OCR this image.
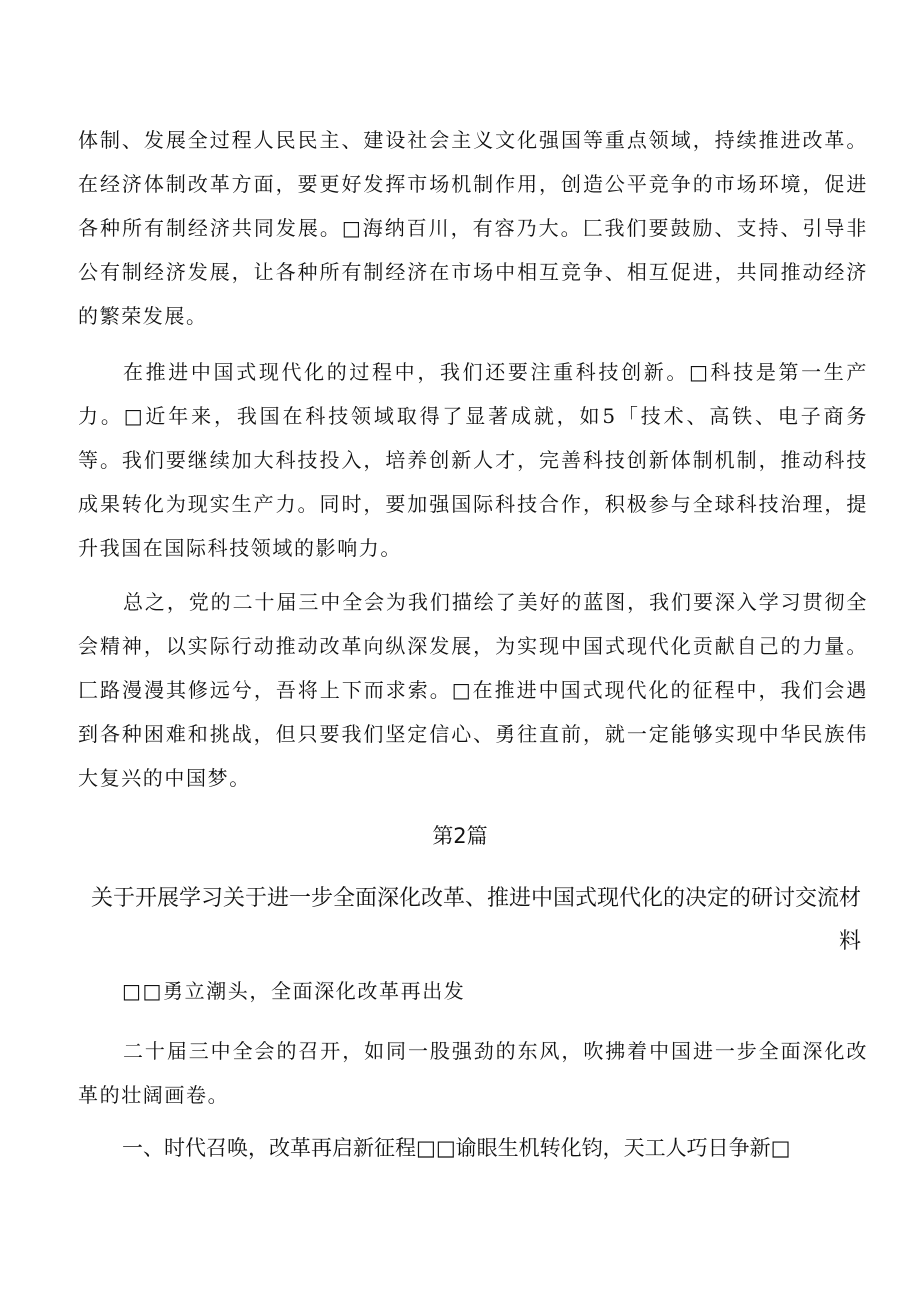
体制、发展全过程人民民主、建设社会主义文化强国等重点领域，持续推进改革。在经济体制改革方面，要更好发挥市场机制作用，创造公平竞争的市场环境，促进各种所有制经济共同发展。□海纳百川，有容乃大。匚我们要鼓励、支持、引导非公有制经济发展，让各种所有制经济在市场中相互竞争、相互促进，共同推动经济的繁荣发展。

在推进中国式现代化的过程中，我们还要注重科技创新。□科技是第一生产力。□近年来，我国在科技领域取得了显著成就，如5「技术、高铁、电子商务等。我们要继续加大科技投入，培养创新人才，完善科技创新体制机制，推动科技成果转化为现实生产力。同时，要加强国际科技合作，积极参与全球科技治理，提升我国在国际科技领域的影响力。

总之，党的二十届三中全会为我们描绘了美好的蓝图，我们要深入学习贯彻全会精神，以实际行动推动改革向纵深发展，为实现中国式现代化贡献自己的力量。匚路漫漫其修远兮，吾将上下而求索。□在推进中国式现代化的征程中，我们会遇到各种困难和挑战，但只要我们坚定信心、勇往直前，就一定能够实现中华民族伟大复兴的中国梦。

第2篇
关于开展学习关于进一步全面深化改革、推进中国式现代化的决定的研讨交流材料

□□勇立潮头，全面深化改革再出发

二十届三中全会的召开，如同一股强劲的东风，吹拂着中国进一步全面深化改革的壮阔画卷。

一、时代召唤，改革再启新征程□□谕眼生机转化钧，天工人巧日争新□
